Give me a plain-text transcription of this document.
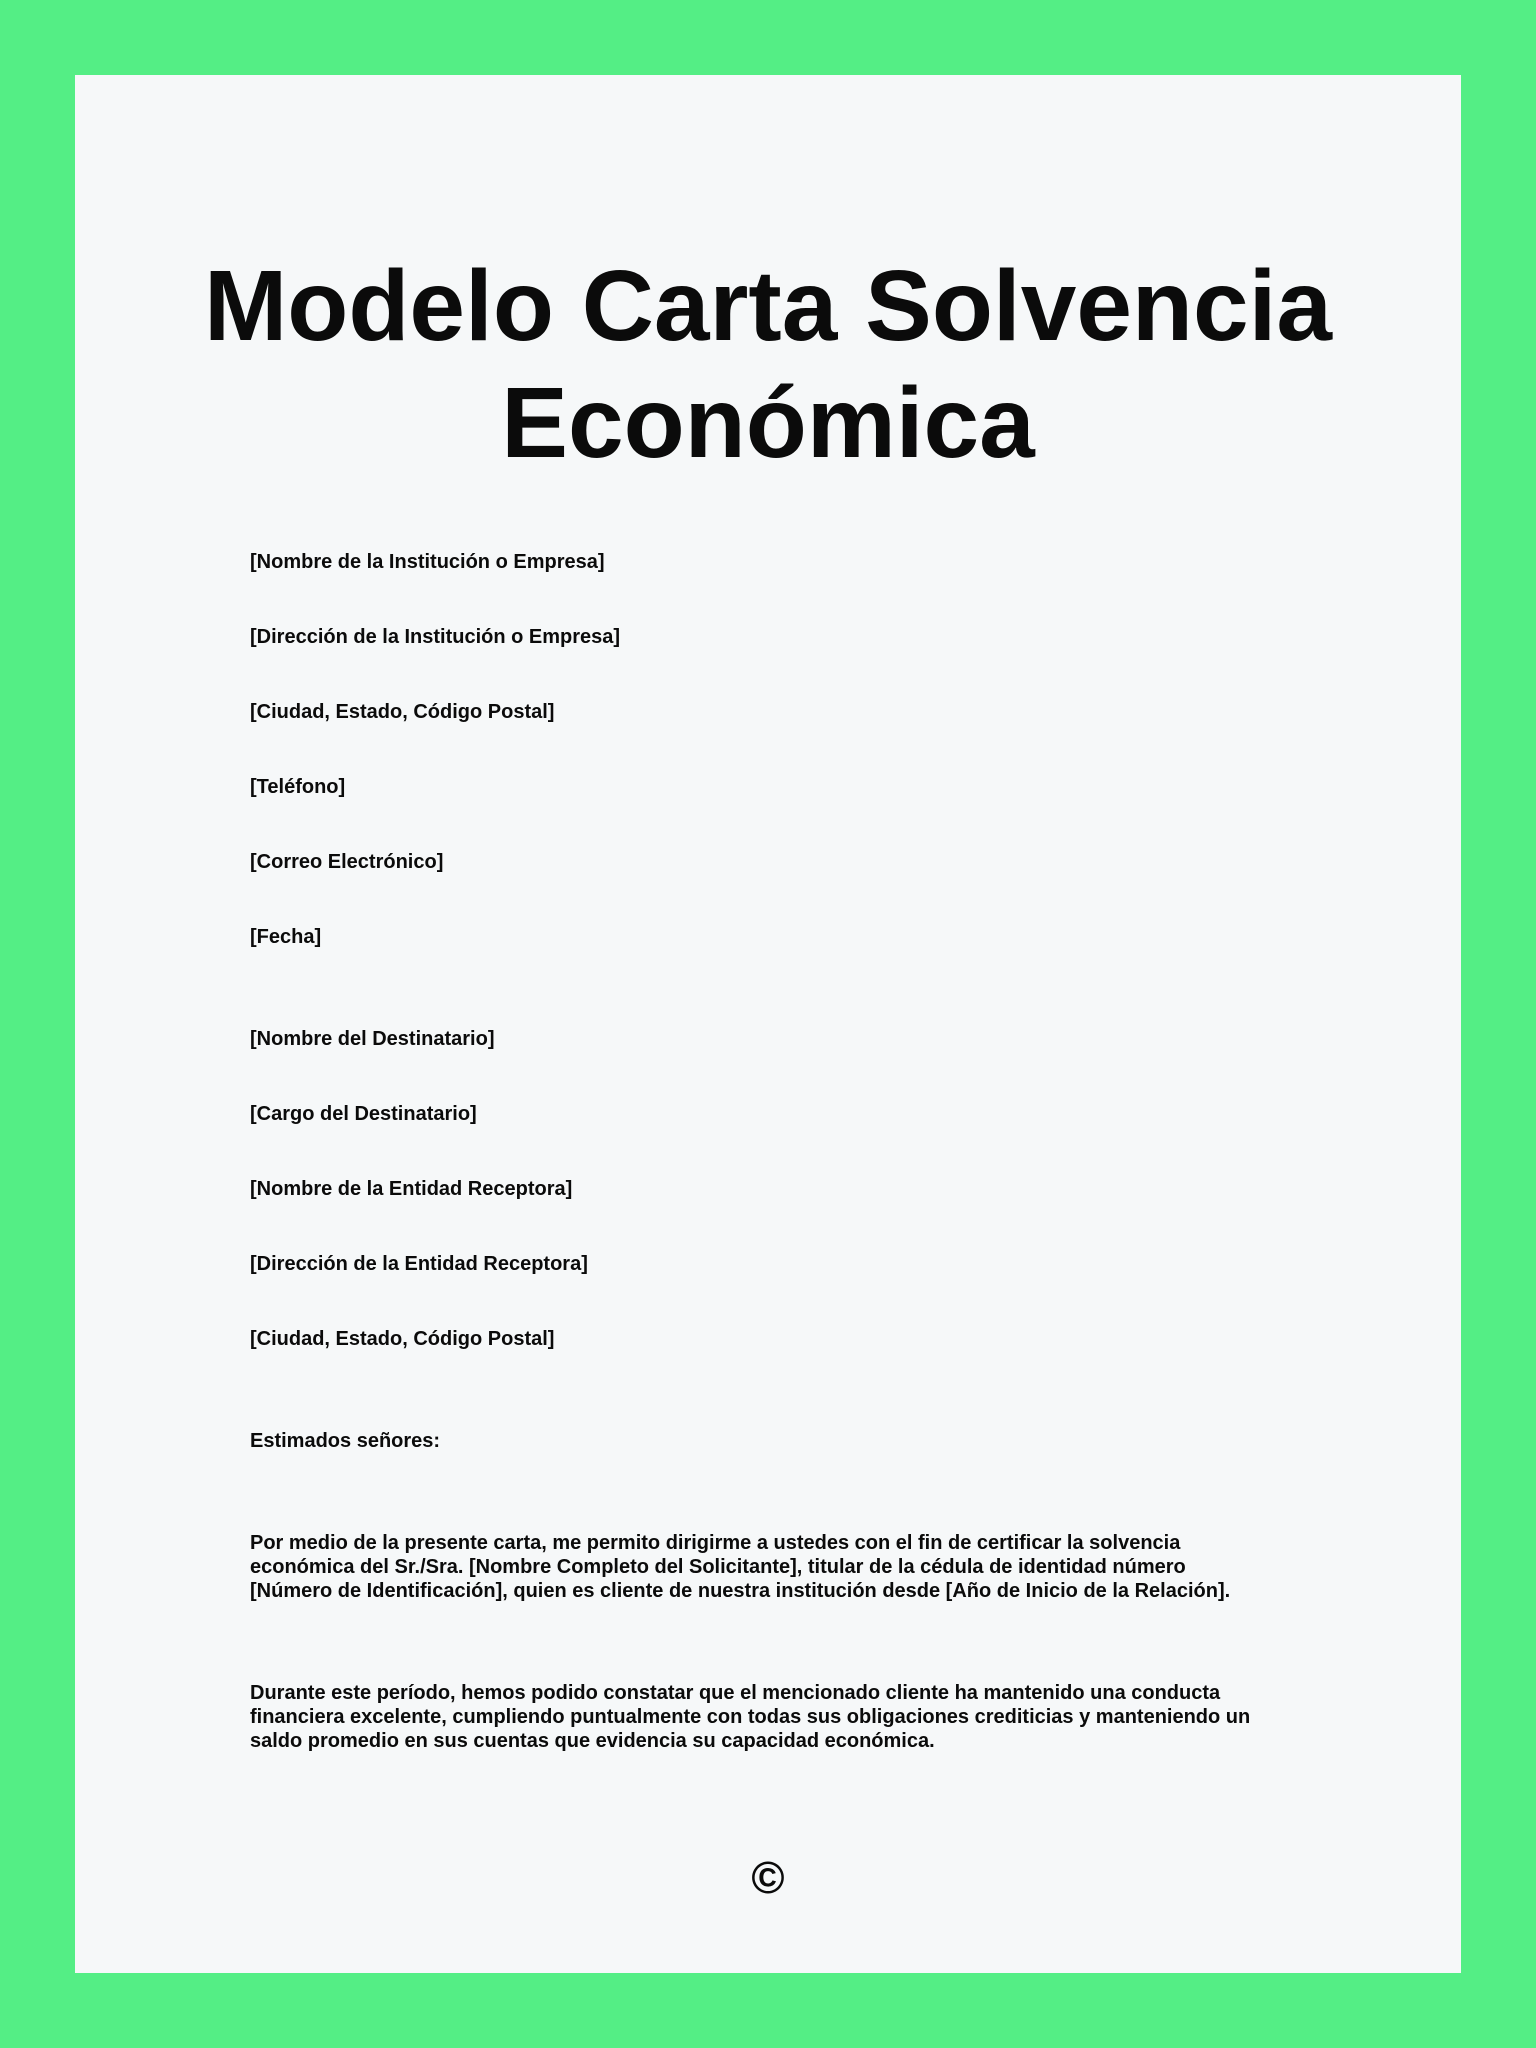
Modelo Carta Solvencia Económica

[Nombre de la Institución o Empresa]

[Dirección de la Institución o Empresa]

[Ciudad, Estado, Código Postal]

[Teléfono]

[Correo Electrónico]

[Fecha]

[Nombre del Destinatario]

[Cargo del Destinatario]

[Nombre de la Entidad Receptora]

[Dirección de la Entidad Receptora]

[Ciudad, Estado, Código Postal]

Estimados señores:

Por medio de la presente carta, me permito dirigirme a ustedes con el fin de certificar la solvencia económica del Sr./Sra. [Nombre Completo del Solicitante], titular de la cédula de identidad número [Número de Identificación], quien es cliente de nuestra institución desde [Año de Inicio de la Relación].

Durante este período, hemos podido constatar que el mencionado cliente ha mantenido una conducta financiera excelente, cumpliendo puntualmente con todas sus obligaciones crediticias y manteniendo un saldo promedio en sus cuentas que evidencia su capacidad económica.

©
